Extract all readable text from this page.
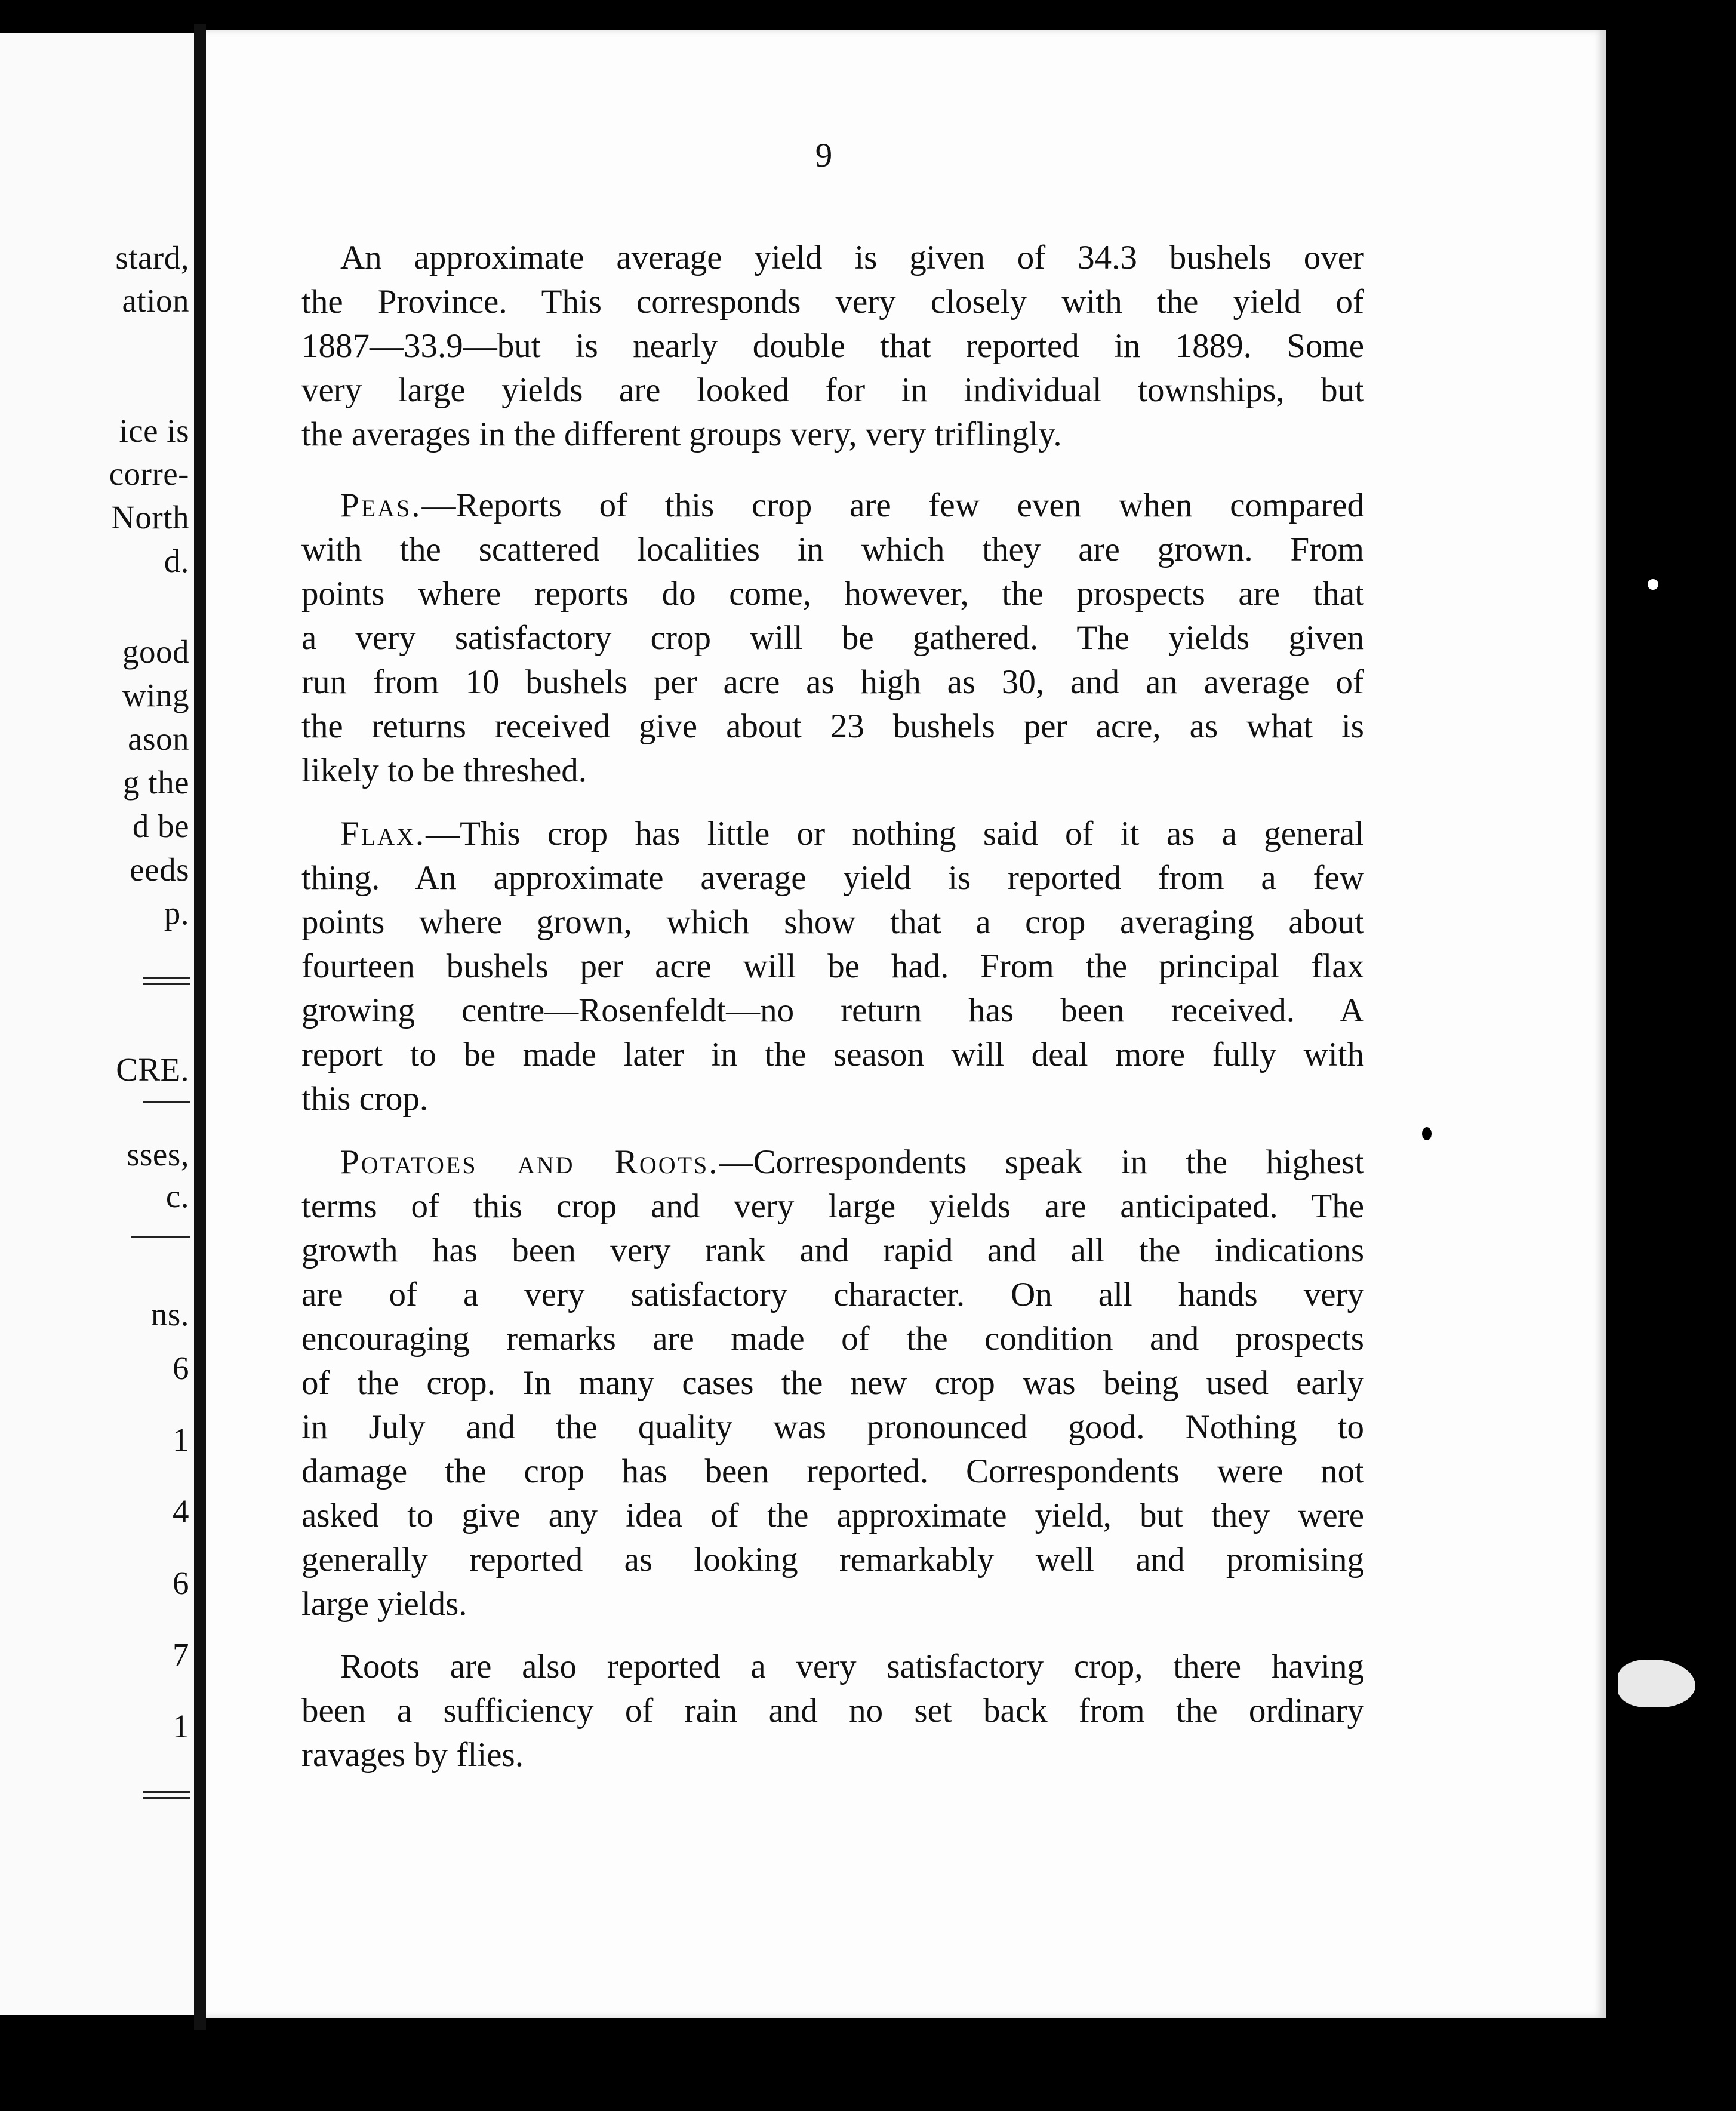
stard,
ation
ice is
corre-
North
d.
good
wing
ason
g the
d be
eeds
p.
CRE.
sses,
c.
ns.
6
1
4
6
7
1
9
An approximate average yield is given of 34.3 bushels over
the Province. This corresponds very closely with the yield of
1887—33.9—but is nearly double that reported in 1889. Some
very large yields are looked for in individual townships, but
the averages in the different groups very, very triflingly.
Peas.—Reports of this crop are few even when compared
with the scattered localities in which they are grown. From
points where reports do come, however, the prospects are that
a very satisfactory crop will be gathered. The yields given
run from 10 bushels per acre as high as 30, and an average of
the returns received give about 23 bushels per acre, as what is
likely to be threshed.
Flax.—This crop has little or nothing said of it as a general
thing. An approximate average yield is reported from a few
points where grown, which show that a crop averaging about
fourteen bushels per acre will be had. From the principal flax
growing centre—Rosenfeldt—no return has been received. A
report to be made later in the season will deal more fully with
this crop.
Potatoes and Roots.—Correspondents speak in the highest
terms of this crop and very large yields are anticipated. The
growth has been very rank and rapid and all the indications
are of a very satisfactory character. On all hands very
encouraging remarks are made of the condition and prospects
of the crop. In many cases the new crop was being used early
in July and the quality was pronounced good. Nothing to
damage the crop has been reported. Correspondents were not
asked to give any idea of the approximate yield, but they were
generally reported as looking remarkably well and promising
large yields.
Roots are also reported a very satisfactory crop, there having
been a sufficiency of rain and no set back from the ordinary
ravages by flies.
